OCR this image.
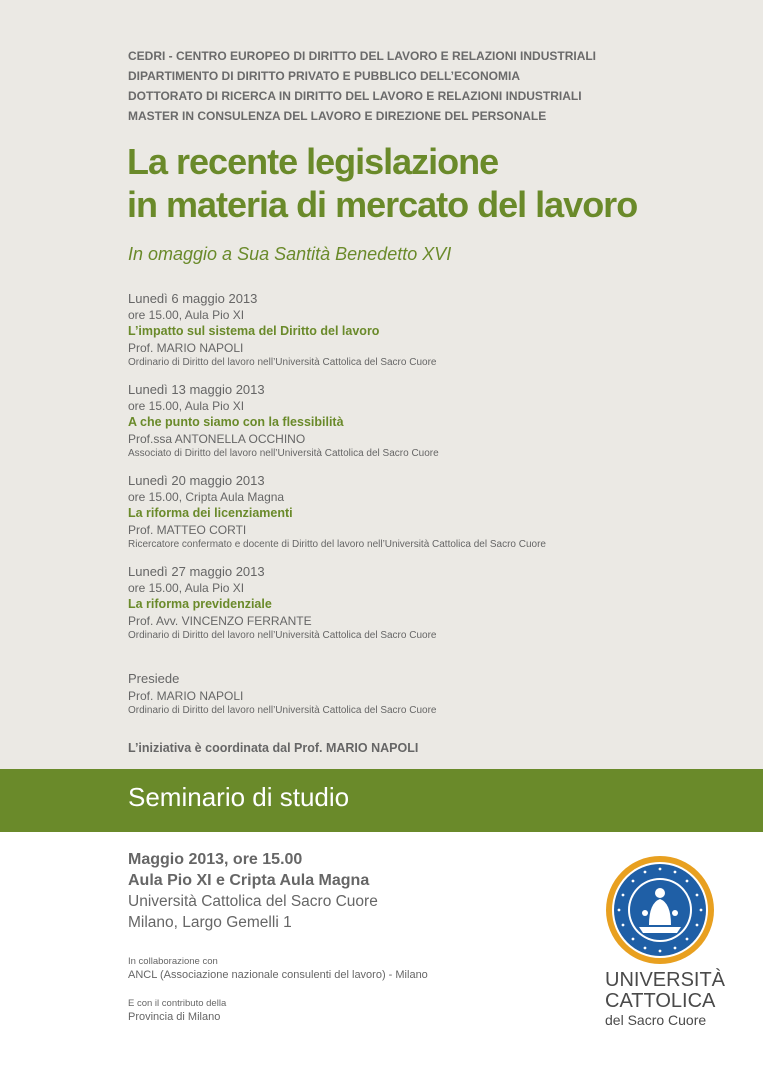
CEDRI - CENTRO EUROPEO DI DIRITTO DEL LAVORO E RELAZIONI INDUSTRIALI
DIPARTIMENTO DI DIRITTO PRIVATO E PUBBLICO DELL’ECONOMIA
DOTTORATO DI RICERCA IN DIRITTO DEL LAVORO E RELAZIONI INDUSTRIALI
MASTER IN CONSULENZA DEL LAVORO E DIREZIONE DEL PERSONALE
La recente legislazione
in materia di mercato del lavoro
In omaggio a Sua Santità Benedetto XVI
Lunedì 6 maggio 2013
ore 15.00, Aula Pio XI
L’impatto sul sistema del Diritto del lavoro
Prof. MARIO NAPOLI
Ordinario di Diritto del lavoro nell’Università Cattolica del Sacro Cuore
Lunedì 13 maggio 2013
ore 15.00, Aula Pio XI
A che punto siamo con la flessibilità
Prof.ssa ANTONELLA OCCHINO
Associato di Diritto del lavoro nell’Università Cattolica del Sacro Cuore
Lunedì 20 maggio 2013
ore 15.00, Cripta Aula Magna
La riforma dei licenziamenti
Prof. MATTEO CORTI
Ricercatore confermato e docente di Diritto del lavoro nell’Università Cattolica del Sacro Cuore
Lunedì 27 maggio 2013
ore 15.00, Aula Pio XI
La riforma previdenziale
Prof. Avv. VINCENZO FERRANTE
Ordinario di Diritto del lavoro nell’Università Cattolica del Sacro Cuore
Presiede
Prof. MARIO NAPOLI
Ordinario di Diritto del lavoro nell’Università Cattolica del Sacro Cuore
L’iniziativa è coordinata dal Prof. MARIO NAPOLI
Seminario di studio
Maggio 2013, ore 15.00
Aula Pio XI e Cripta Aula Magna
Università Cattolica del Sacro Cuore
Milano, Largo Gemelli 1
In collaborazione con
ANCL (Associazione nazionale consulenti del lavoro) - Milano
E con il contributo della
Provincia di Milano
UNIVERSITÀ
CATTOLICA
del Sacro Cuore
